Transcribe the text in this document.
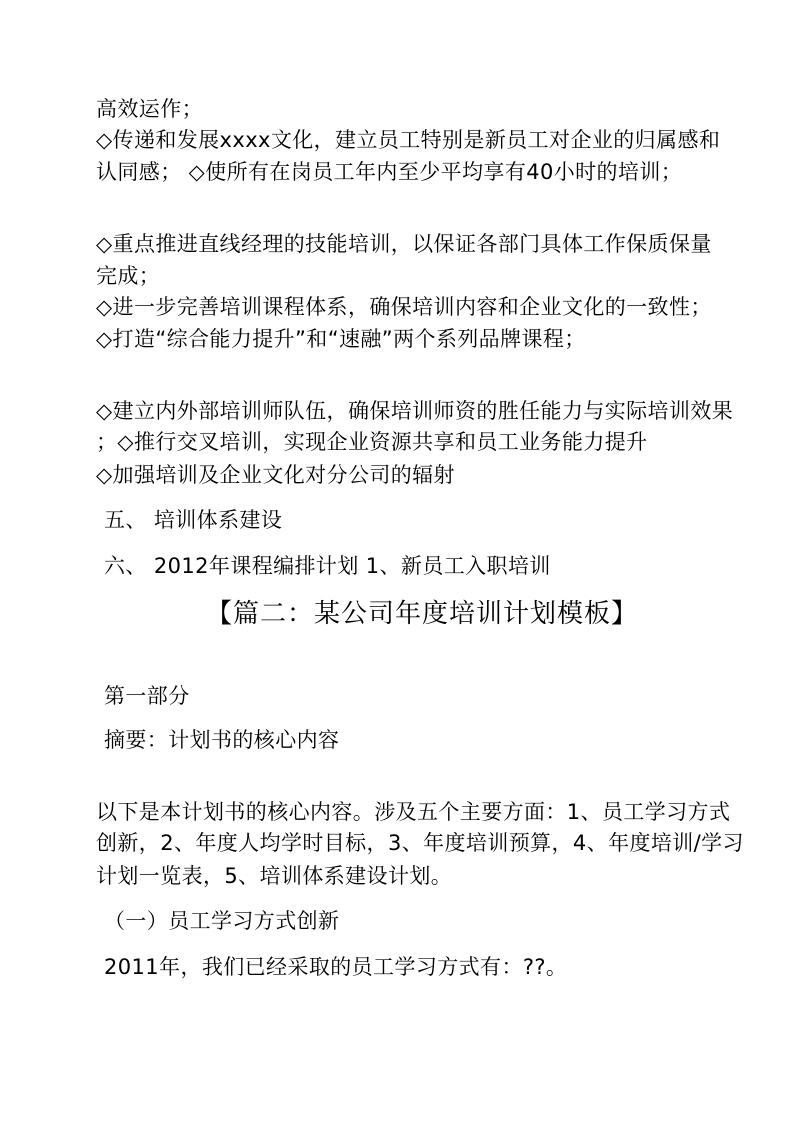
高效运作；
◇传递和发展xxxx文化，建立员工特别是新员工对企业的归属感和
认同感； ◇使所有在岗员工年内至少平均享有40小时的培训；
◇重点推进直线经理的技能培训，以保证各部门具体工作保质保量
完成；
◇进一步完善培训课程体系，确保培训内容和企业文化的一致性；
◇打造“综合能力提升”和“速融”两个系列品牌课程；
◇建立内外部培训师队伍，确保培训师资的胜任能力与实际培训效果
；◇推行交叉培训，实现企业资源共享和员工业务能力提升
◇加强培训及企业文化对分公司的辐射
五、 培训体系建设
六、 2012年课程编排计划 1、新员工入职培训
【篇二：某公司年度培训计划模板】
第一部分
摘要：计划书的核心内容
以下是本计划书的核心内容。涉及五个主要方面：1、员工学习方式
创新，2、年度人均学时目标，3、年度培训预算，4、年度培训/学习
计划一览表，5、培训体系建设计划。
（一）员工学习方式创新
2011年，我们已经采取的员工学习方式有：??。
